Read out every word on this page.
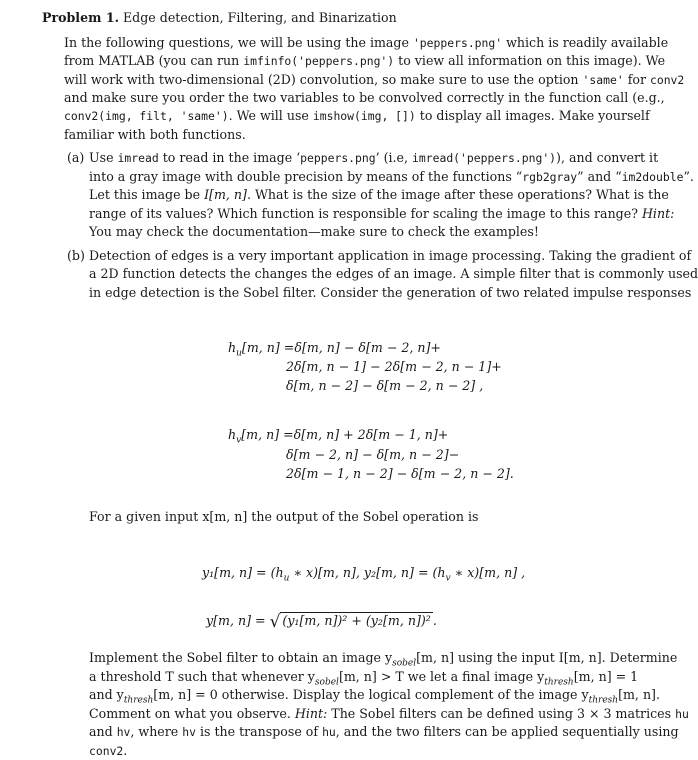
Problem 1. Edge detection, Filtering, and Binarization
In the following questions, we will be using the image 'peppers.png' which is readily available
from MATLAB (you can run imfinfo('peppers.png') to view all information on this image). We
will work with two-dimensional (2D) convolution, so make sure to use the option 'same' for conv2
and make sure you order the two variables to be convolved correctly in the function call (e.g.,
conv2(img, filt, 'same'). We will use imshow(img, []) to display all images. Make yourself
familiar with both functions.
(a) Use imread to read in the image ‘peppers.png’ (i.e, imread('peppers.png')), and convert it
into a gray image with double precision by means of the functions “rgb2gray” and “im2double”.
Let this image be I[m, n]. What is the size of the image after these operations? What is the
range of its values? Which function is responsible for scaling the image to this range? Hint:
You may check the documentation—make sure to check the examples!
(b) Detection of edges is a very important application in image processing. Taking the gradient of
a 2D function detects the changes the edges of an image. A simple filter that is commonly used
in edge detection is the Sobel filter. Consider the generation of two related impulse responses
$h_u[m$, n] =δ[m, n] − δ[m − 2, n]+
2δ[m, n − 1] − 2δ[m − 2, n − 1]+
δ[m, n − 2] − δ[m − 2, n − 2] ,
$h_v[m$, n] =δ[m, n] + 2δ[m − 1, n]+
δ[m − 2, n] − δ[m, n − 2]−
2δ[m − 1, n − 2] − δ[m − 2, n − 2].
For a given input x[m, n] the output of the Sobel operation is
y₁[m, $n] = (h_u$ ∗ x)[m, n], y₂[m, $n] = (h_v$ ∗ x)[m, n] ,
y[m, n] = √ (y₁[m, n])² + (y₂[m, n])² .
Implement the Sobel filter to obtain an image $y_{sobel}[m$, n] using the input I[m, n]. Determine
a threshold T such that whenever $y_{sobel}[m$, n] > T we let a final image $y_{thresh}[m$, n] = 1
and $y_{thresh}[m$, n] = 0 otherwise. Display the logical complement of the image $y_{thresh}[m$, n].
Comment on what you observe. Hint: The Sobel filters can be defined using 3 × 3 matrices hu
and hv, where hv is the transpose of hu, and the two filters can be applied sequentially using
conv2.
